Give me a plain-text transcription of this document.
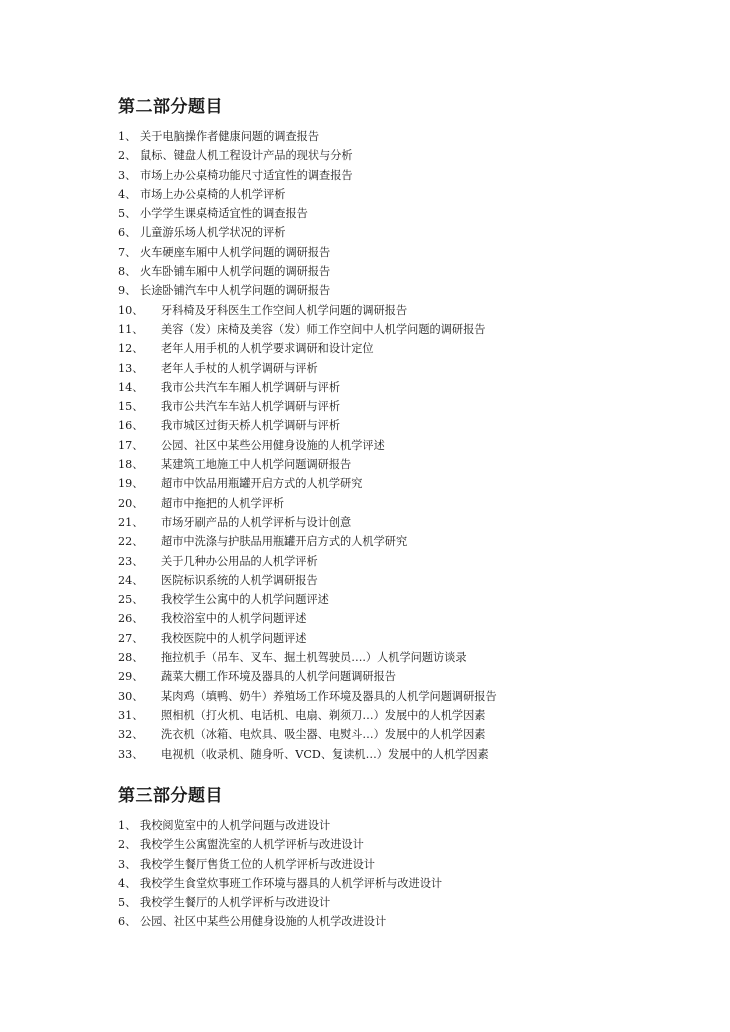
第二部分题目
1、 关于电脑操作者健康问题的调查报告
2、 鼠标、键盘人机工程设计产品的现状与分析
3、 市场上办公桌椅功能尺寸适宜性的调查报告
4、 市场上办公桌椅的人机学评析
5、 小学学生课桌椅适宜性的调查报告
6、 儿童游乐场人机学状况的评析
7、 火车硬座车厢中人机学问题的调研报告
8、 火车卧铺车厢中人机学问题的调研报告
9、 长途卧铺汽车中人机学问题的调研报告
10、	牙科椅及牙科医生工作空间人机学问题的调研报告
11、	美容（发）床椅及美容（发）师工作空间中人机学问题的调研报告
12、	老年人用手机的人机学要求调研和设计定位
13、	老年人手杖的人机学调研与评析
14、	我市公共汽车车厢人机学调研与评析
15、	我市公共汽车车站人机学调研与评析
16、	我市城区过街天桥人机学调研与评析
17、	公园、社区中某些公用健身设施的人机学评述
18、	某建筑工地施工中人机学问题调研报告
19、	超市中饮品用瓶罐开启方式的人机学研究
20、	超市中拖把的人机学评析
21、	市场牙刷产品的人机学评析与设计创意
22、	超市中洗涤与护肤品用瓶罐开启方式的人机学研究
23、	关于几种办公用品的人机学评析
24、	医院标识系统的人机学调研报告
25、	我校学生公寓中的人机学问题评述
26、	我校浴室中的人机学问题评述
27、	我校医院中的人机学问题评述
28、	拖拉机手（吊车、叉车、掘土机驾驶员….）人机学问题访谈录
29、	蔬菜大棚工作环境及器具的人机学问题调研报告
30、	某肉鸡（填鸭、奶牛）养殖场工作环境及器具的人机学问题调研报告
31、	照相机（打火机、电话机、电扇、剃须刀…）发展中的人机学因素
32、	洗衣机（冰箱、电炊具、吸尘器、电熨斗…）发展中的人机学因素
33、	电视机（收录机、随身听、VCD、复读机…）发展中的人机学因素
第三部分题目
1、 我校阅览室中的人机学问题与改进设计
2、 我校学生公寓盥洗室的人机学评析与改进设计
3、 我校学生餐厅售货工位的人机学评析与改进设计
4、 我校学生食堂炊事班工作环境与器具的人机学评析与改进设计
5、 我校学生餐厅的人机学评析与改进设计
6、 公园、社区中某些公用健身设施的人机学改进设计
